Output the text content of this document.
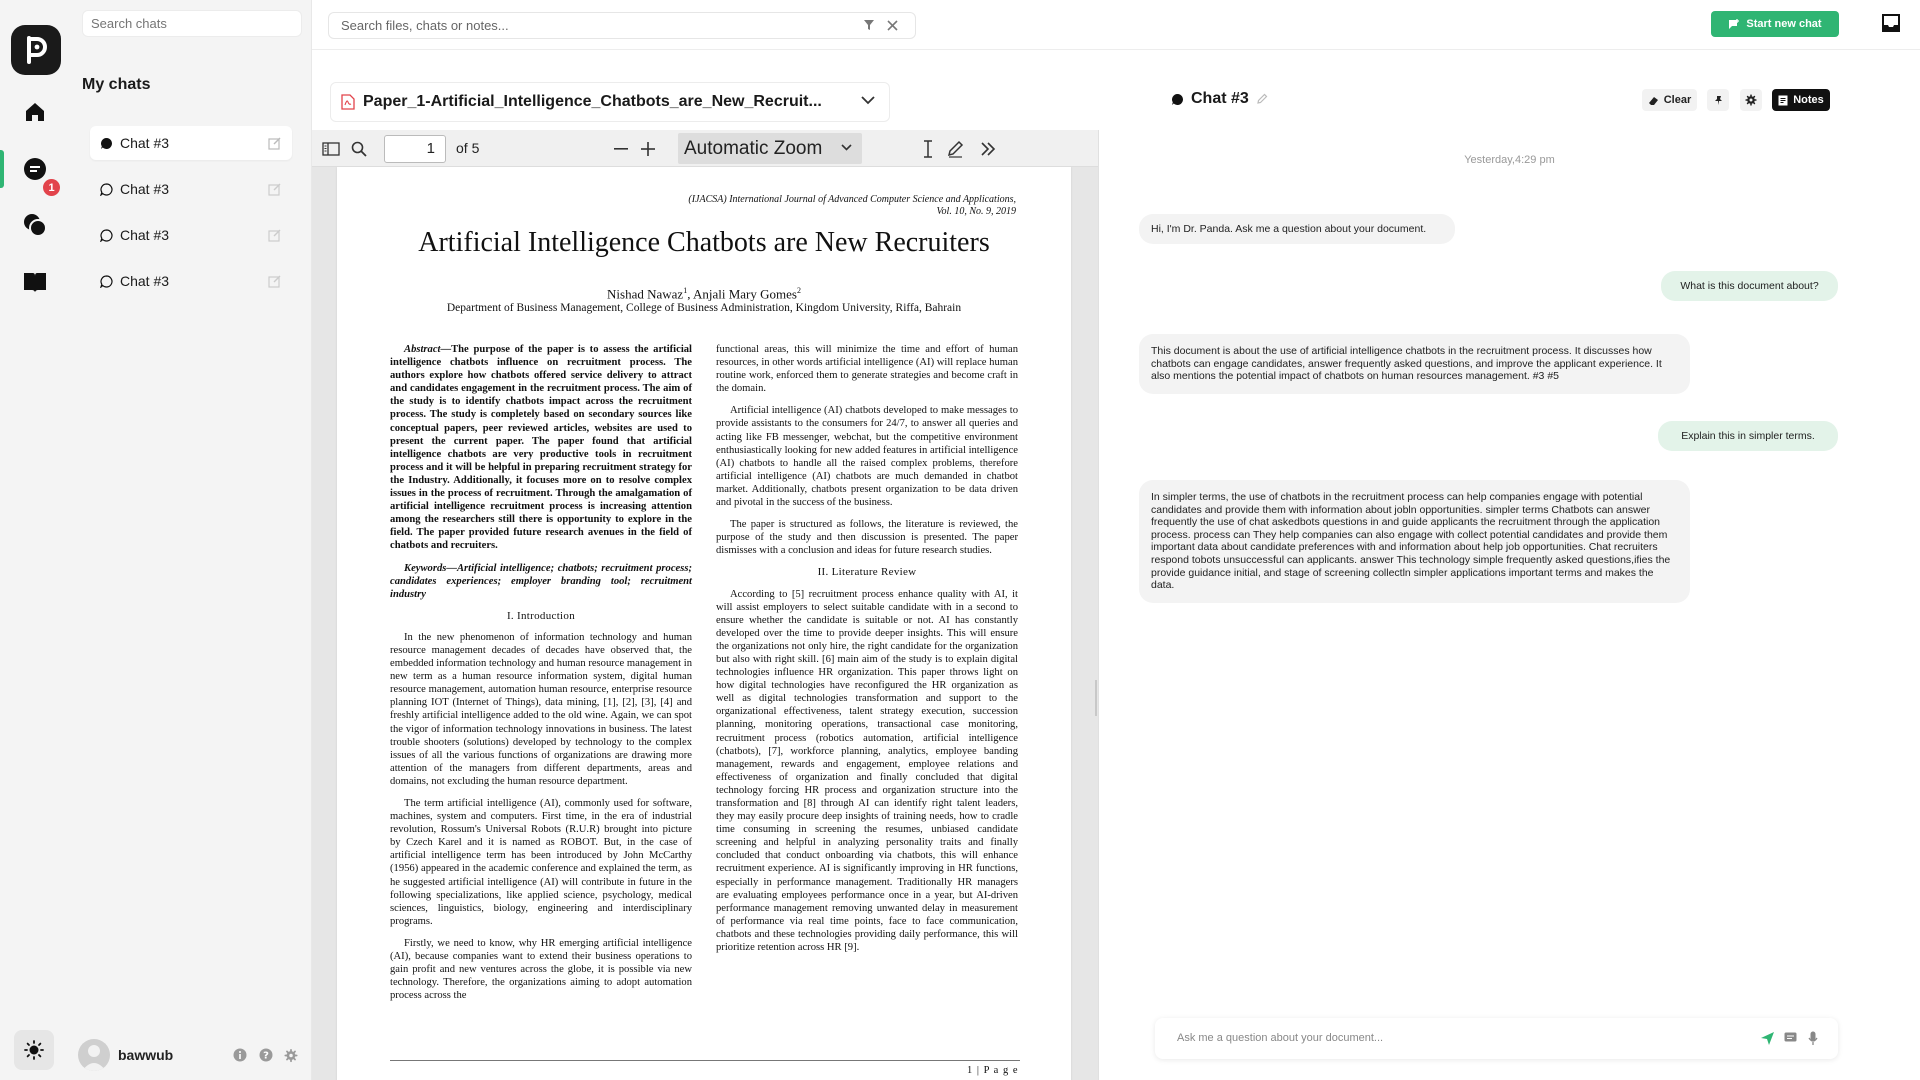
1
Search chats
My chats
Chat #3
Chat #3
Chat #3
Chat #3
bawwub	?
Search files, chats or notes...	Start new chat
Paper_1-Artificial_Intelligence_Chatbots_are_New_Recruit...
1	of 5	Automatic Zoom
(IJACSA) International Journal of Advanced Computer Science and Applications,
Vol. 10, No. 9, 2019
Artificial Intelligence Chatbots are New Recruiters
Nishad Nawaz$^1$, Anjali Mary Gomes$^2$
Department of Business Management, College of Business Administration, Kingdom University, Riffa, Bahrain

Abstract—The purpose of the paper is to assess the artificial intelligence chatbots influence on recruitment process. The authors explore how chatbots offered service delivery to attract and candidates engagement in the recruitment process. The aim of the study is to identify chatbots impact across the recruitment process. The study is completely based on secondary sources like conceptual papers, peer reviewed articles, websites are used to present the current paper. The paper found that artificial intelligence chatbots are very productive tools in recruitment process and it will be helpful in preparing recruitment strategy for the Industry. Additionally, it focuses more on to resolve complex issues in the process of recruitment. Through the amalgamation of artificial intelligence recruitment process is increasing attention among the researchers still there is opportunity to explore in the field. The paper provided future research avenues in the field of chatbots and recruiters.

Keywords—Artificial intelligence; chatbots; recruitment process; candidates experiences; employer branding tool; recruitment industry

I. Introduction

In the new phenomenon of information technology and human resource management decades of decades have observed that, the embedded information technology and human resource management in new term as a human resource information system, digital human resource management, automation human resource, enterprise resource planning IOT (Internet of Things), data mining, [1], [2], [3], [4] and freshly artificial intelligence added to the old wine. Again, we can spot the vigor of information technology innovations in business. The latest trouble shooters (solutions) developed by technology to the complex issues of all the various functions of organizations are drawing more attention of the managers from different departments, areas and domains, not excluding the human resource department.

The term artificial intelligence (AI), commonly used for software, machines, system and computers. First time, in the era of industrial revolution, Rossum's Universal Robots (R.U.R) brought into picture by Czech Karel and it is named as ROBOT. But, in the case of artificial intelligence term has been introduced by John McCarthy (1956) appeared in the academic conference and explained the term, as he suggested artificial intelligence (AI) will contribute in future in the following specializations, like applied science, psychology, medical sciences, linguistics, biology, engineering and interdisciplinary programs.

Firstly, we need to know, why HR emerging artificial intelligence (AI), because companies want to extend their business operations to gain profit and new ventures across the globe, it is possible via new technology. Therefore, the organizations aiming to adopt automation process across the

functional areas, this will minimize the time and effort of human resources, in other words artificial intelligence (AI) will replace human routine work, enforced them to generate strategies and become craft in the domain.

Artificial intelligence (AI) chatbots developed to make messages to provide assistants to the consumers for 24/7, to answer all queries and acting like FB messenger, webchat, but the competitive environment enthusiastically looking for new added features in artificial intelligence (AI) chatbots to handle all the raised complex problems, therefore artificial intelligence (AI) chatbots are much demanded in chatbot market. Additionally, chatbots present organization to be data driven and pivotal in the success of the business.

The paper is structured as follows, the literature is reviewed, the purpose of the study and then discussion is presented. The paper dismisses with a conclusion and ideas for future research studies.

II. Literature Review

According to [5] recruitment process enhance quality with AI, it will assist employers to select suitable candidate with in a second to ensure whether the candidate is suitable or not. AI has constantly developed over the time to provide deeper insights. This will ensure the organizations not only hire, the right candidate for the organization but also with right skill. [6] main aim of the study is to explain digital technologies influence HR organization. This paper throws light on how digital technologies have reconfigured the HR organization as well as digital technologies transformation and support to the organizational effectiveness, talent strategy execution, succession planning, monitoring operations, transactional case monitoring, recruitment process (robotics automation, artificial intelligence (chatbots), [7], workforce planning, analytics, employee banding management, rewards and engagement, employee relations and effectiveness of organization and finally concluded that digital technology forcing HR process and organization structure into the transformation and [8] through AI can identify right talent leaders, they may easily procure deep insights of training needs, how to cradle time consuming in screening the resumes, unbiased candidate screening and helpful in analyzing personality traits and finally concluded that conduct onboarding via chatbots, this will enhance recruitment experience. AI is significantly improving in HR functions, especially in performance management. Traditionally HR managers are evaluating employees performance once in a year, but AI-driven performance management removing unwanted delay in measurement of performance via real time points, face to face communication, chatbots and these technologies providing daily performance, this will prioritize retention across HR [9].

1 | P a g e
Chat #3	Clear	Notes
Yesterday,4:29 pm
Hi, I'm Dr. Panda. Ask me a question about your document.
What is this document about?
This document is about the use of artificial intelligence chatbots in the recruitment process. It discusses how chatbots can engage candidates, answer frequently asked questions, and improve the applicant experience. It also mentions the potential impact of chatbots on human resources management. #3 #5
Explain this in simpler terms.
In simpler terms, the use of chatbots in the recruitment process can help companies engage with potential candidates and provide them with information about jobln opportunities. simpler terms Chatbots can answer frequently the use of chat askedbots questions in and guide applicants the recruitment through the application process. process can They help companies can also engage with collect potential candidates and provide them important data about candidate preferences with and information about help job opportunities. Chat recruiters respond tobots unsuccessful can applicants. answer This technology simple frequently asked questions,ifies the provide guidance initial, and stage of screening collectln simpler applications important terms and makes the data.
Ask me a question about your document...
